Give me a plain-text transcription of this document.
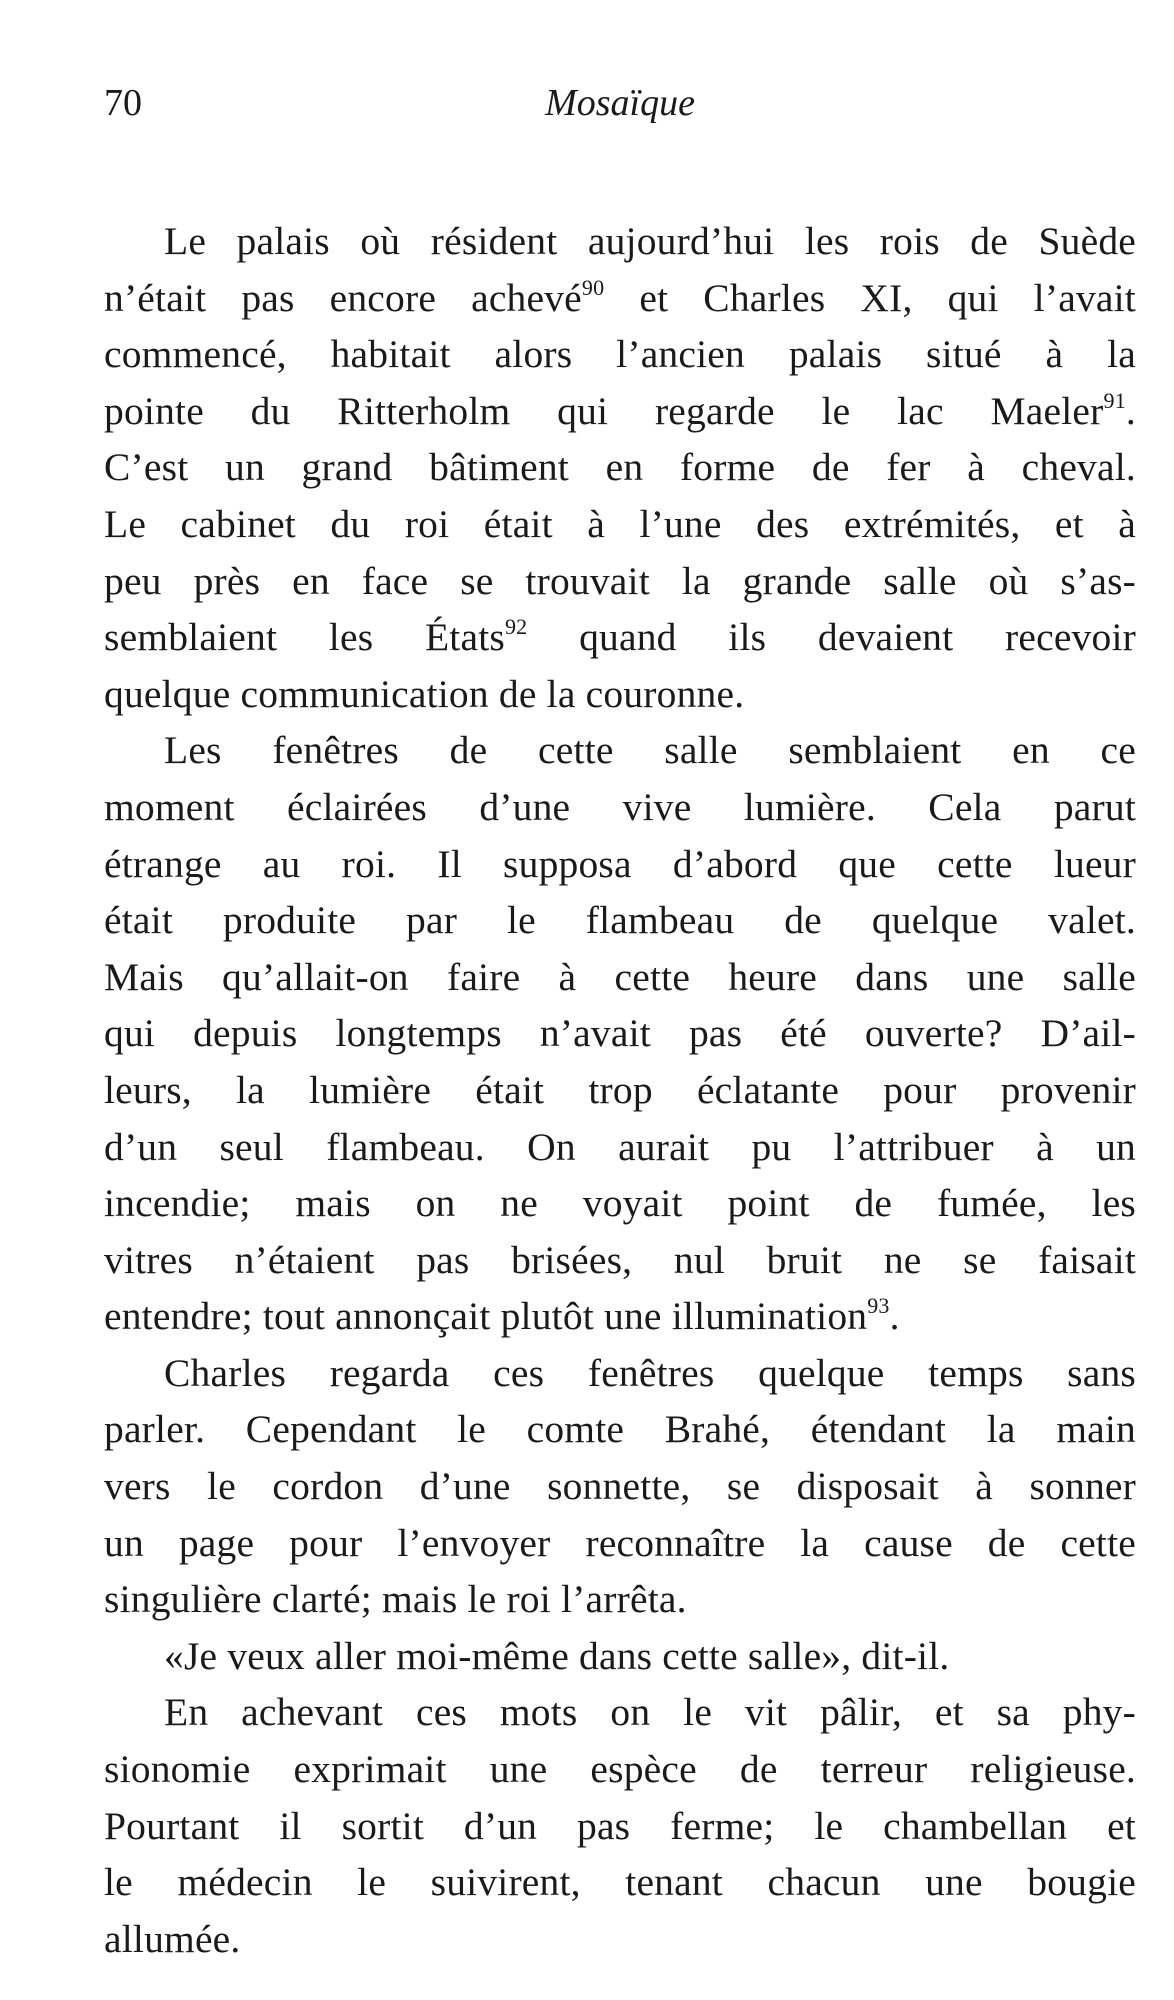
70	Mosaïque
Le palais où résident aujourd’hui les rois de Suède
n’était pas encore achevé$^{90}$ et Charles XI, qui l’avait
commencé, habitait alors l’ancien palais situé à la
pointe du Ritterholm qui regarde le lac Maeler$^{91}$.
C’est un grand bâtiment en forme de fer à cheval.
Le cabinet du roi était à l’une des extrémités, et à
peu près en face se trouvait la grande salle où s’as-
semblaient les États$^{92}$ quand ils devaient recevoir
quelque communication de la couronne.
Les fenêtres de cette salle semblaient en ce
moment éclairées d’une vive lumière. Cela parut
étrange au roi. Il supposa d’abord que cette lueur
était produite par le flambeau de quelque valet.
Mais qu’allait-on faire à cette heure dans une salle
qui depuis longtemps n’avait pas été ouverte? D’ail-
leurs, la lumière était trop éclatante pour provenir
d’un seul flambeau. On aurait pu l’attribuer à un
incendie; mais on ne voyait point de fumée, les
vitres n’étaient pas brisées, nul bruit ne se faisait
entendre; tout annonçait plutôt une illumination$^{93}$.
Charles regarda ces fenêtres quelque temps sans
parler. Cependant le comte Brahé, étendant la main
vers le cordon d’une sonnette, se disposait à sonner
un page pour l’envoyer reconnaître la cause de cette
singulière clarté; mais le roi l’arrêta.
«Je veux aller moi-même dans cette salle», dit-il.
En achevant ces mots on le vit pâlir, et sa phy-
sionomie exprimait une espèce de terreur religieuse.
Pourtant il sortit d’un pas ferme; le chambellan et
le médecin le suivirent, tenant chacun une bougie
allumée.
